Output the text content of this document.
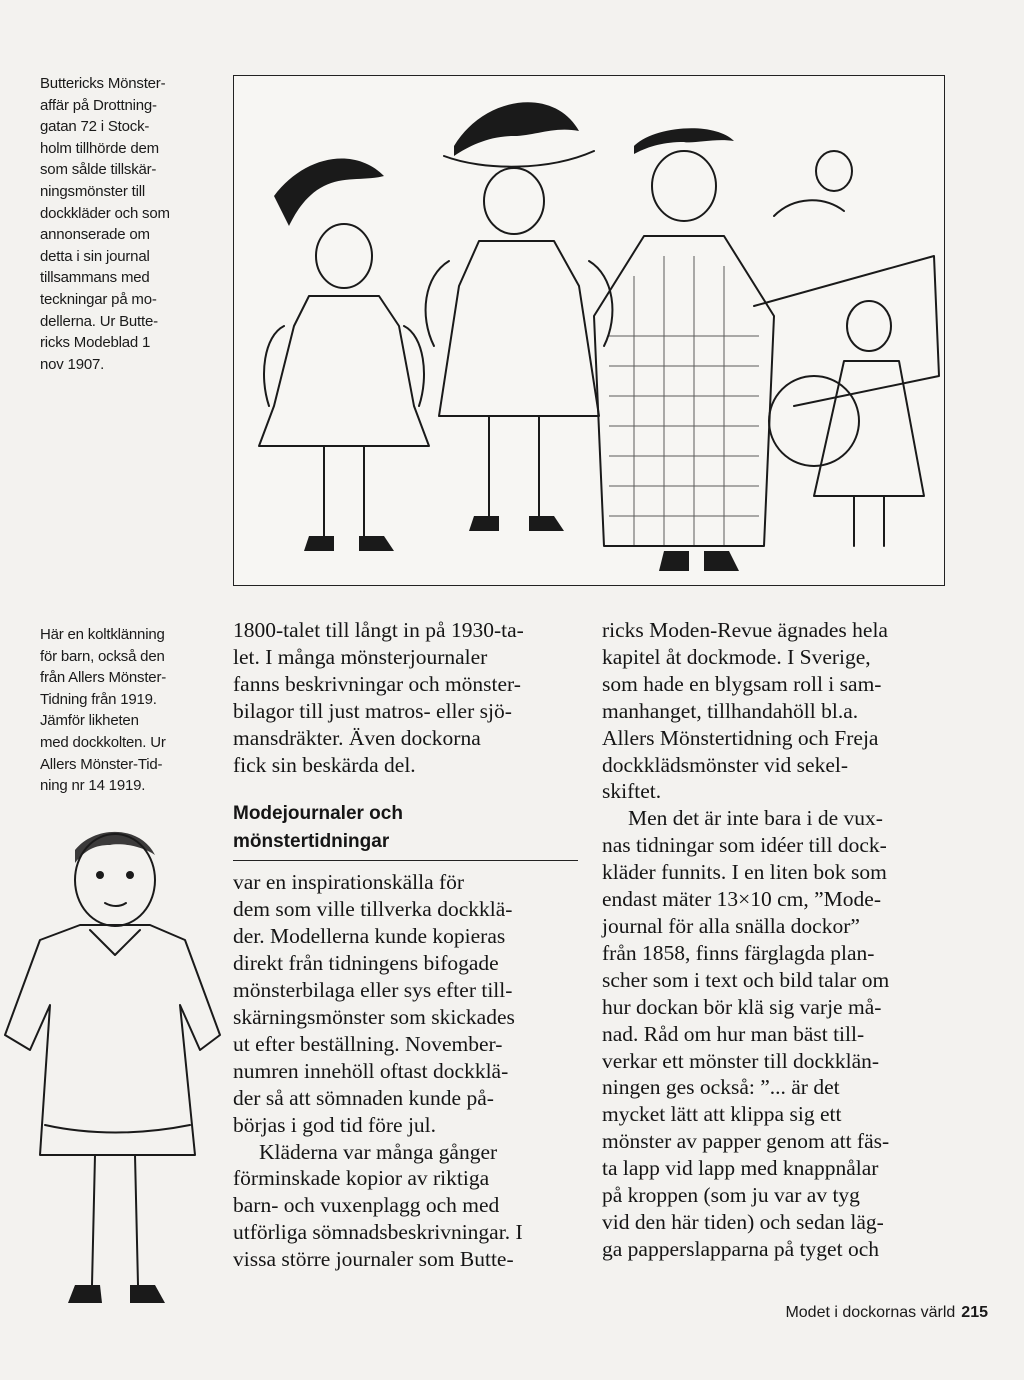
Buttericks Mönster-
affär på Drottning-
gatan 72 i Stock-
holm tillhörde dem
som sålde tillskär-
ningsmönster till
dockkläder och som
annonserade om
detta i sin journal
tillsammans med
teckningar på mo-
dellerna. Ur Butte-
ricks Modeblad 1
nov 1907.
Här en koltklänning
för barn, också den
från Allers Mönster-
Tidning från 1919.
Jämför likheten
med dockkolten. Ur
Allers Mönster-Tid-
ning nr 14 1919.
1800-talet till långt in på 1930-ta-
let. I många mönsterjournaler
fanns beskrivningar och mönster-
bilagor till just matros- eller sjö-
mansdräkter. Även dockorna
fick sin beskärda del.
Modejournaler och
mönstertidningar
var en inspirationskälla för
dem som ville tillverka dockklä-
der. Modellerna kunde kopieras
direkt från tidningens bifogade
mönsterbilaga eller sys efter till-
skärningsmönster som skickades
ut efter beställning. November-
numren innehöll oftast dockklä-
der så att sömnaden kunde på-
börjas i god tid före jul.
Kläderna var många gånger
förminskade kopior av riktiga
barn- och vuxenplagg och med
utförliga sömnadsbeskrivningar. I
vissa större journaler som Butte-
ricks Moden-Revue ägnades hela
kapitel åt dockmode. I Sverige,
som hade en blygsam roll i sam-
manhanget, tillhandahöll bl.a.
Allers Mönstertidning och Freja
dockklädsmönster vid sekel-
skiftet.
Men det är inte bara i de vux-
nas tidningar som idéer till dock-
kläder funnits. I en liten bok som
endast mäter 13×10 cm, ”Mode-
journal för alla snälla dockor”
från 1858, finns färglagda plan-
scher som i text och bild talar om
hur dockan bör klä sig varje må-
nad. Råd om hur man bäst till-
verkar ett mönster till dockklän-
ningen ges också: ”... är det
mycket lätt att klippa sig ett
mönster av papper genom att fäs-
ta lapp vid lapp med knappnålar
på kroppen (som ju var av tyg
vid den här tiden) och sedan läg-
ga papperslapparna på tyget och
Modet i dockornas värld 215
